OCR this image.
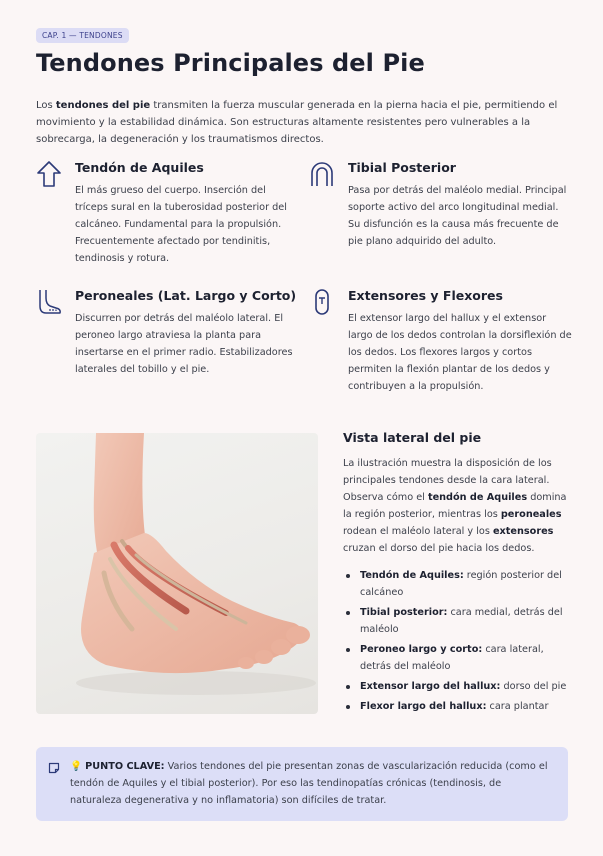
CAP. 1 — TENDONES
Tendones Principales del Pie

Los tendones del pie transmiten la fuerza muscular generada en la pierna hacia el pie, permitiendo el movimiento y la estabilidad dinámica. Son estructuras altamente resistentes pero vulnerables a la sobrecarga, la degeneración y los traumatismos directos.

Tendón de Aquiles

El más grueso del cuerpo. Inserción del tríceps sural en la tuberosidad posterior del calcáneo. Fundamental para la propulsión. Frecuentemente afectado por tendinitis, tendinosis y rotura.

Tibial Posterior

Pasa por detrás del maléolo medial. Principal soporte activo del arco longitudinal medial. Su disfunción es la causa más frecuente de pie plano adquirido del adulto.

Peroneales (Lat. Largo y Corto)

Discurren por detrás del maléolo lateral. El peroneo largo atraviesa la planta para insertarse en el primer radio. Estabilizadores laterales del tobillo y el pie.

Extensores y Flexores

El extensor largo del hallux y el extensor largo de los dedos controlan la dorsiflexión de los dedos. Los flexores largos y cortos permiten la flexión plantar de los dedos y contribuyen a la propulsión.

Vista lateral del pie

La ilustración muestra la disposición de los principales tendones desde la cara lateral. Observa cómo el tendón de Aquiles domina la región posterior, mientras los peroneales rodean el maléolo lateral y los extensores cruzan el dorso del pie hacia los dedos.

Tendón de Aquiles: región posterior del calcáneo
Tibial posterior: cara medial, detrás del maléolo
Peroneo largo y corto: cara lateral, detrás del maléolo
Extensor largo del hallux: dorso del pie
Flexor largo del hallux: cara plantar
💡 PUNTO CLAVE: Varios tendones del pie presentan zonas de vascularización reducida (como el tendón de Aquiles y el tibial posterior). Por eso las tendinopatías crónicas (tendinosis, de naturaleza degenerativa y no inflamatoria) son difíciles de tratar.
